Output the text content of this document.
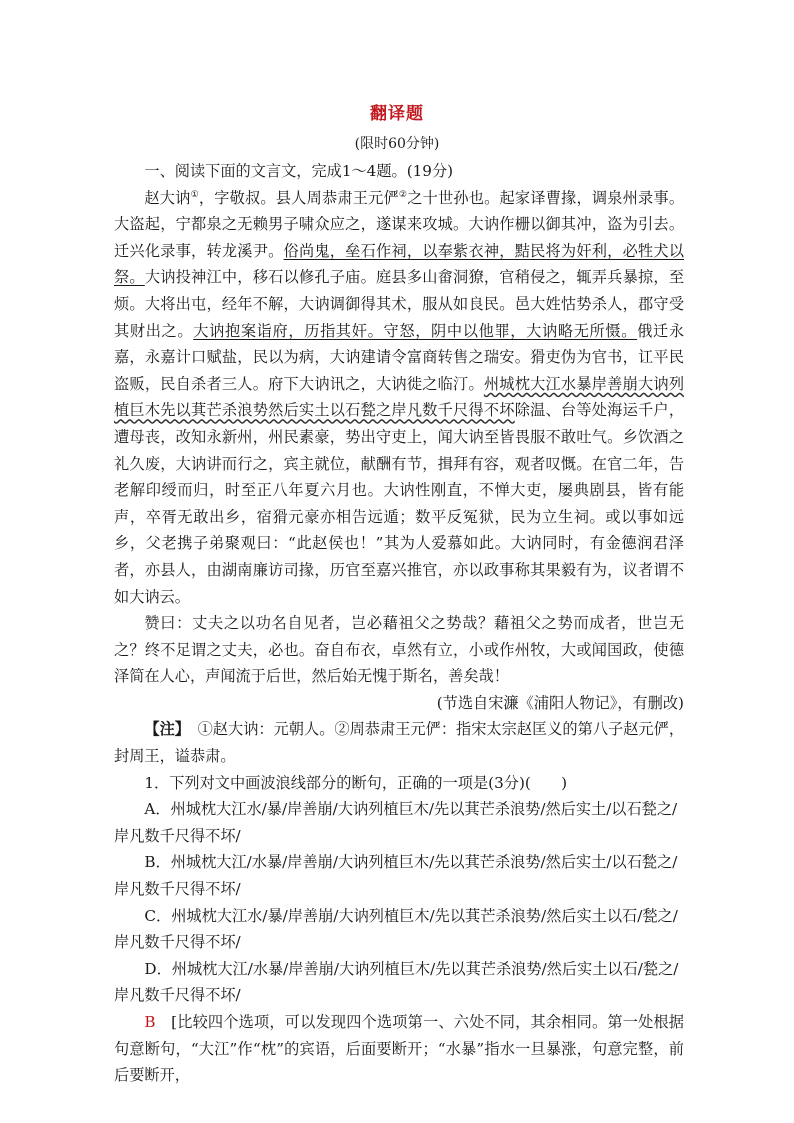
翻译题
(限时60分钟)

一、阅读下面的文言文，完成1～4题。(19分)

赵大讷①，字敬叔。县人周恭肃王元俨②之十世孙也。起家译曹掾，调泉州录事。大盗起，宁都泉之无赖男子啸众应之，遂谋来攻城。大讷作栅以御其冲，盗为引去。迁兴化录事，转龙溪尹。俗尚鬼，垒石作祠，以奉紫衣神，黠民将为奸利，必牲犬以祭。大讷投神江中，移石以修孔子庙。庭县多山畲洞獠，官稍侵之，辄弄兵暴掠，至烦。大将出屯，经年不解，大讷调御得其术，服从如良民。邑大姓怙势杀人，郡守受其财出之。大讷抱案诣府，历指其奸。守怒，阴中以他罪，大讷略无所慑。俄迁永嘉，永嘉计口赋盐，民以为病，大讷建请令富商转售之瑞安。猾吏伪为官书，讧平民盗贩，民自杀者三人。府下大讷讯之，大讷徙之临汀。州城枕大江水暴岸善崩大讷列植巨木先以萁芒杀浪势然后实土以石甃之岸凡数千尺得不坏除温、台等处海运千户，遭母丧，改知永新州，州民素豪，势出守吏上，闻大讷至皆畏服不敢吐气。乡饮酒之礼久废，大讷讲而行之，宾主就位，献酬有节，揖拜有容，观者叹慨。在官二年，告老解印绶而归，时至正八年夏六月也。大讷性刚直，不惮大吏，屡典剧县，皆有能声，卒胥无敢出乡，宿猾元豪亦相告远遁；数平反冤狱，民为立生祠。或以事如远乡，父老携子弟聚观曰：“此赵侯也！”其为人爱慕如此。大讷同时，有金德润君泽者，亦县人，由湖南廉访司掾，历官至嘉兴推官，亦以政事称其果毅有为，议者谓不如大讷云。

赞曰：丈夫之以功名自见者，岂必藉祖父之势哉？藉祖父之势而成者，世岂无之？终不足谓之丈夫，必也。奋自布衣，卓然有立，小或作州牧，大或闻国政，使德泽简在人心，声闻流于后世，然后始无愧于斯名，善矣哉！

(节选自宋濂《浦阳人物记》，有删改)

【注】　①赵大讷：元朝人。②周恭肃王元俨：指宋太宗赵匡义的第八子赵元俨，封周王，谥恭肃。

1．下列对文中画波浪线部分的断句，正确的一项是(3分)(　　)

A．州城枕大江水/暴/岸善崩/大讷列植巨木/先以萁芒杀浪势/然后实土/以石甃之/岸凡数千尺得不坏/

B．州城枕大江/水暴/岸善崩/大讷列植巨木/先以萁芒杀浪势/然后实土/以石甃之/岸凡数千尺得不坏/

C．州城枕大江水/暴/岸善崩/大讷列植巨木/先以萁芒杀浪势/然后实土以石/甃之/岸凡数千尺得不坏/

D．州城枕大江/水暴/岸善崩/大讷列植巨木/先以萁芒杀浪势/然后实土以石/甃之/岸凡数千尺得不坏/

B　[比较四个选项，可以发现四个选项第一、六处不同，其余相同。第一处根据句意断句，“大江”作“枕”的宾语，后面要断开；“水暴”指水一旦暴涨，句意完整，前后要断开，
